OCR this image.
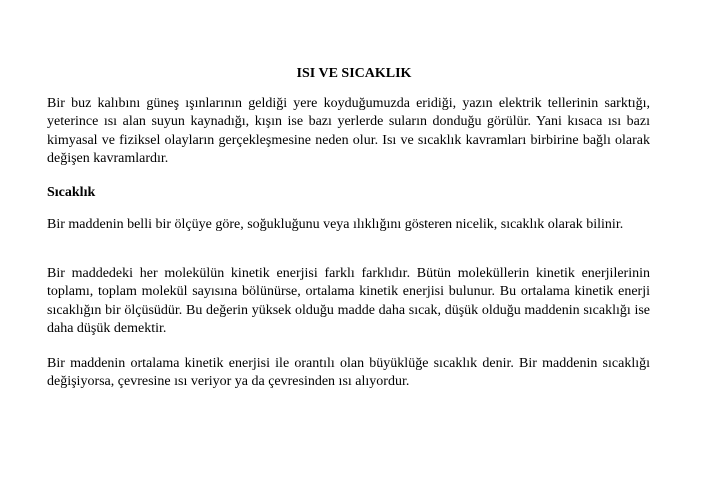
ISI VE SICAKLIK
Bir buz kalıbını güneş ışınlarının geldiği yere koyduğumuzda eridiği, yazın elektrik tellerinin sarktığı, yeterince ısı alan suyun kaynadığı, kışın ise bazı yerlerde suların donduğu görülür. Yani kısaca ısı bazı kimyasal ve fiziksel olayların gerçekleşmesine neden olur. Isı ve sıcaklık kavramları birbirine bağlı olarak değişen kavramlardır.
Sıcaklık
Bir maddenin belli bir ölçüye göre, soğukluğunu veya ılıklığını gösteren nicelik, sıcaklık olarak bilinir.
Bir maddedeki her molekülün kinetik enerjisi farklı farklıdır. Bütün moleküllerin kinetik enerjilerinin toplamı, toplam molekül sayısına bölünürse, ortalama kinetik enerjisi bulunur. Bu ortalama kinetik enerji sıcaklığın bir ölçüsüdür. Bu değerin yüksek olduğu madde daha sıcak, düşük olduğu maddenin sıcaklığı ise daha düşük demektir.
Bir maddenin ortalama kinetik enerjisi ile orantılı olan büyüklüğe sıcaklık denir. Bir maddenin sıcaklığı değişiyorsa, çevresine ısı veriyor ya da çevresinden ısı alıyordur.
